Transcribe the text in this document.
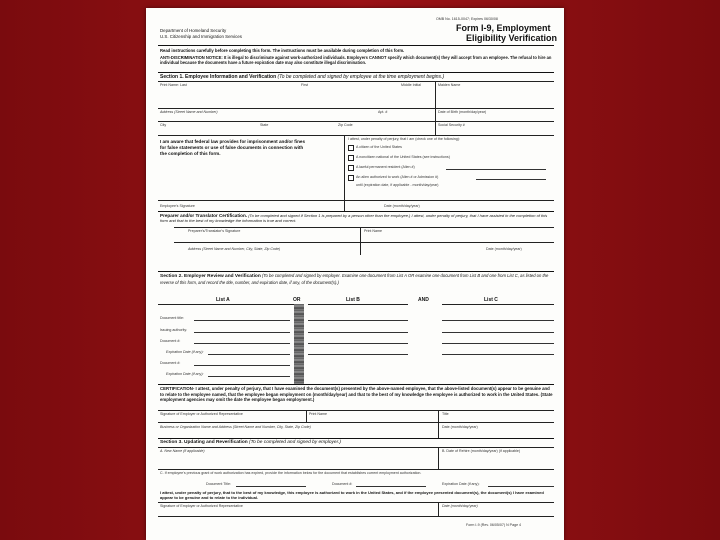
Department of Homeland Security
U.S. Citizenship and Immigration Services
OMB No. 1615-0047; Expires 06/30/08
Form I-9, Employment
Eligibility Verification
Read instructions carefully before completing this form. The instructions must be available during completion of this form.
ANTI-DISCRIMINATION NOTICE: It is illegal to discriminate against work-authorized individuals. Employers CANNOT specify which document(s) they will accept from an employee. The refusal to hire an individual because the documents have a future expiration date may also constitute illegal discrimination.
Section 1. Employee Information and Verification (To be completed and signed by employee at the time employment begins.)
Print Name: Last	First	Middle Initial	Maiden Name
Address (Street Name and Number)	Apt. #	Date of Birth (month/day/year)
City	State	Zip Code	Social Security #
I am aware that federal law provides for imprisonment and/or fines for false statements or use of false documents in connection with the completion of this form.
I attest, under penalty of perjury, that I am (check one of the following):
A citizen of the United States
A noncitizen national of the United States (see instructions)
A lawful permanent resident (Alien #)
An alien authorized to work (Alien # or Admission #)
until (expiration date, if applicable - month/day/year)
Employee's Signature	Date (month/day/year)
Preparer and/or Translator Certification. (To be completed and signed if Section 1 is prepared by a person other than the employee.) I attest, under penalty of perjury, that I have assisted in the completion of this form and that to the best of my knowledge the information is true and correct.
Preparer's/Translator's Signature	Print Name
Address (Street Name and Number, City, State, Zip Code)	Date (month/day/year)
Section 2. Employer Review and Verification (To be completed and signed by employer. Examine one document from List A OR examine one document from List B and one from List C, as listed on the reverse of this form, and record the title, number, and expiration date, if any, of the document(s).)
List A	OR	List B	AND	List C
Document title:
Issuing authority:
Document #:
Expiration Date (if any):
Document #:
Expiration Date (if any):
CERTIFICATION- I attest, under penalty of perjury, that I have examined the document(s) presented by the above-named employee, that the above-listed document(s) appear to be genuine and to relate to the employee named, that the employee began employment on (month/day/year) and that to the best of my knowledge the employee is authorized to work in the United States. (State employment agencies may omit the date the employee began employment.)
Signature of Employer or Authorized Representative	Print Name	Title
Business or Organization Name and Address (Street Name and Number, City, State, Zip Code)	Date (month/day/year)
Section 3. Updating and Reverification (To be completed and signed by employer.)
A. New Name (if applicable)	B. Date of Rehire (month/day/year) (if applicable)
C. If employee's previous grant of work authorization has expired, provide the information below for the document that establishes current employment authorization.
Document Title:	Document #:	Expiration Date (if any):
I attest, under penalty of perjury, that to the best of my knowledge, this employee is authorized to work in the United States, and if the employee presented document(s), the document(s) I have examined appear to be genuine and to relate to the individual.
Signature of Employer or Authorized Representative	Date (month/day/year)
Form I-9 (Rev. 06/05/07) N Page 4
